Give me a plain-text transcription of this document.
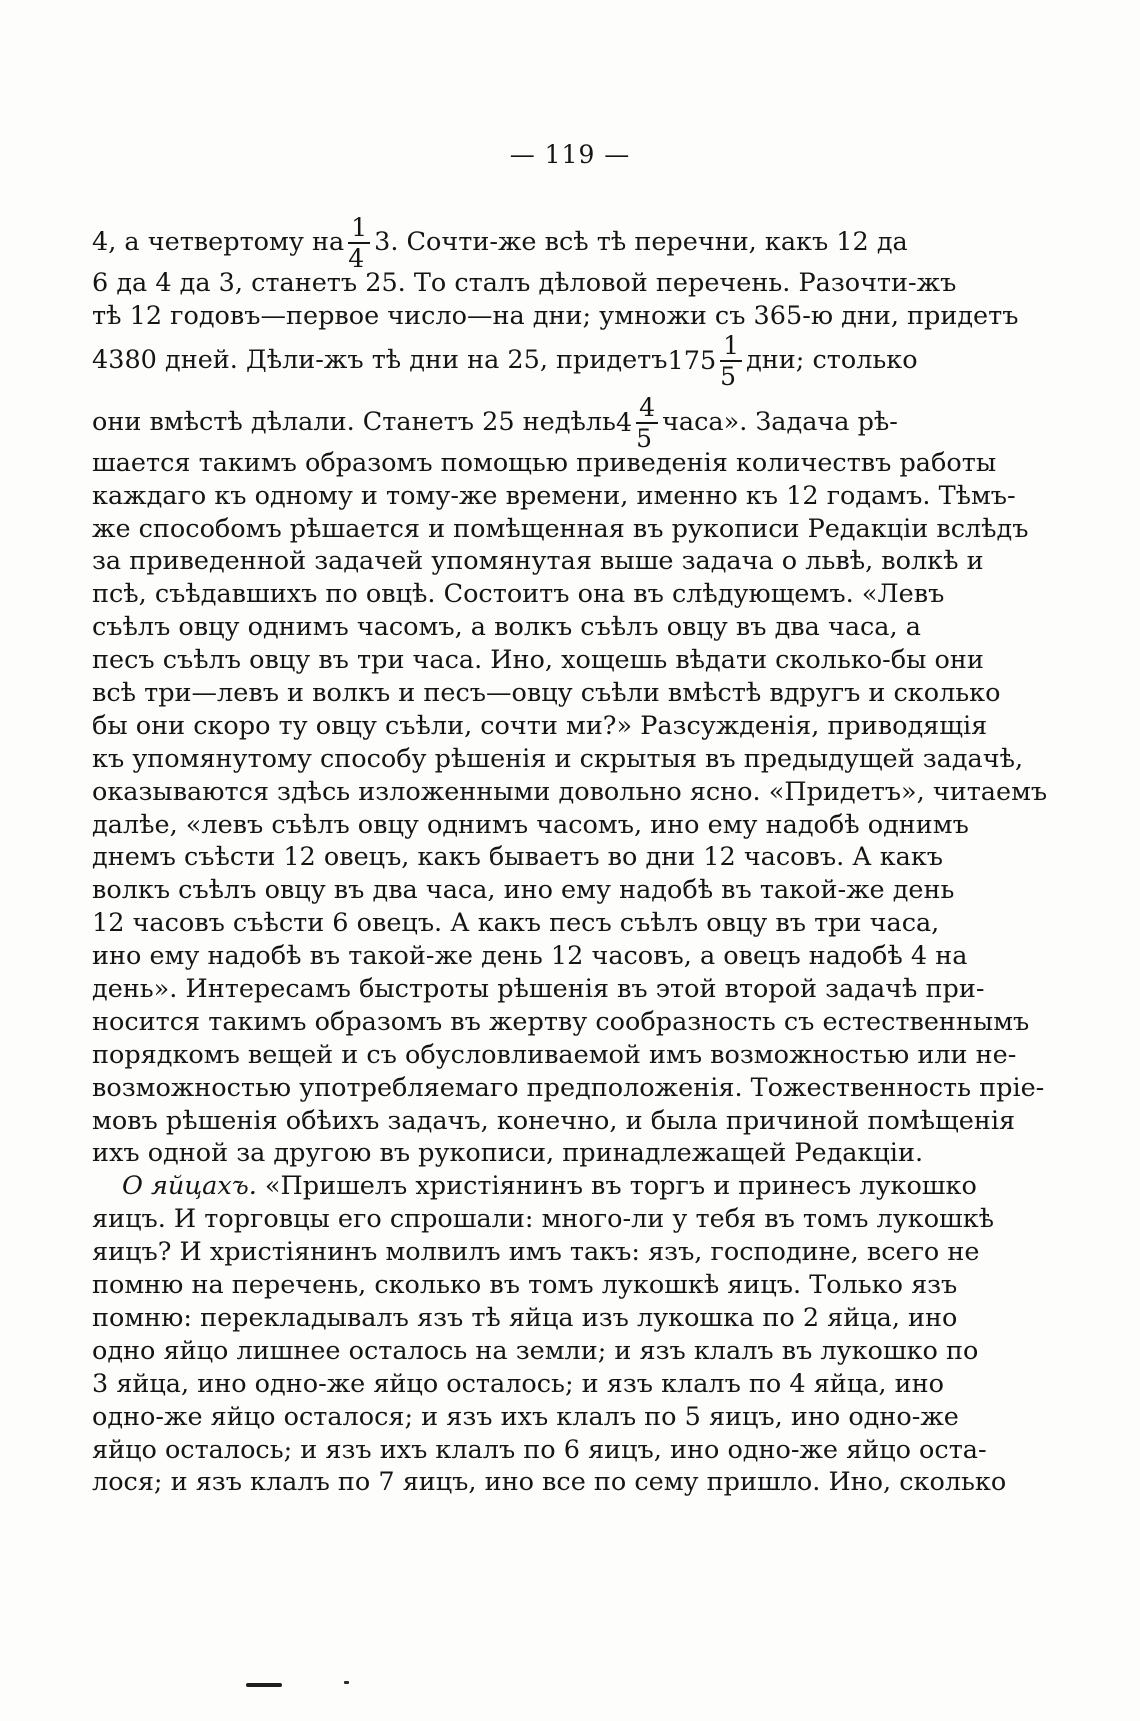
— 119 —
4, а четвертому на $\frac{1}{4} 3$. Сочти-же всѣ тѣ перечни, какъ 12 да
6 да 4 да 3, станетъ 25. То сталъ дѣловой перечень. Разочти-жъ
тѣ 12 годовъ—первое число—на дни; умножи съ 365-ю дни, придетъ
4380 дней. Дѣли-жъ тѣ дни на 25, придетъ175 $\frac{1}{5}$ дни; столько
они вмѣстѣ дѣлали. Станетъ 25 недѣль4 $\frac{4}{5}$ часа». Задача рѣ-
шается такимъ образомъ помощью приведенія количествъ работы
каждаго къ одному и тому-же времени, именно къ 12 годамъ. Тѣмъ-
же способомъ рѣшается и помѣщенная въ рукописи Редакціи вслѣдъ
за приведенной задачей упомянутая выше задача о львѣ, волкѣ и
псѣ, съѣдавшихъ по овцѣ. Состоитъ она въ слѣдующемъ. «Левъ
съѣлъ овцу однимъ часомъ, а волкъ съѣлъ овцу въ два часа, а
песъ съѣлъ овцу въ три часа. Ино, хощешь вѣдати сколько-бы они
всѣ три—левъ и волкъ и песъ—овцу съѣли вмѣстѣ вдругъ и сколько
бы они скоро ту овцу съѣли, сочти ми?» Разсужденія, приводящія
къ упомянутому способу рѣшенія и скрытыя въ предыдущей задачѣ,
оказываются здѣсь изложенными довольно ясно. «Придетъ», читаемъ
далѣе, «левъ съѣлъ овцу однимъ часомъ, ино ему надобѣ однимъ
днемъ съѣсти 12 овецъ, какъ бываетъ во дни 12 часовъ. А какъ
волкъ съѣлъ овцу въ два часа, ино ему надобѣ въ такой-же день
12 часовъ съѣсти 6 овецъ. А какъ песъ съѣлъ овцу въ три часа,
ино ему надобѣ въ такой-же день 12 часовъ, а овецъ надобѣ 4 на
день». Интересамъ быстроты рѣшенія въ этой второй задачѣ при-
носится такимъ образомъ въ жертву сообразность съ естественнымъ
порядкомъ вещей и съ обусловливаемой имъ возможностью или не-
возможностью употребляемаго предположенія. Тожественность пріе-
мовъ рѣшенія обѣихъ задачъ, конечно, и была причиной помѣщенія
ихъ одной за другою въ рукописи, принадлежащей Редакціи.
О яйцахъ. «Пришелъ христіянинъ въ торгъ и принесъ лукошко
яицъ. И торговцы его спрошали: много-ли у тебя въ томъ лукошкѣ
яицъ? И христіянинъ молвилъ имъ такъ: язъ, господине, всего не
помню на перечень, сколько въ томъ лукошкѣ яицъ. Только язъ
помню: перекладывалъ язъ тѣ яйца изъ лукошка по 2 яйца, ино
одно яйцо лишнее осталось на земли; и язъ клалъ въ лукошко по
3 яйца, ино одно-же яйцо осталось; и язъ клалъ по 4 яйца, ино
одно-же яйцо осталося; и язъ ихъ клалъ по 5 яицъ, ино одно-же
яйцо осталось; и язъ ихъ клалъ по 6 яицъ, ино одно-же яйцо оста-
лося; и язъ клалъ по 7 яицъ, ино все по сему пришло. Ино, сколько
